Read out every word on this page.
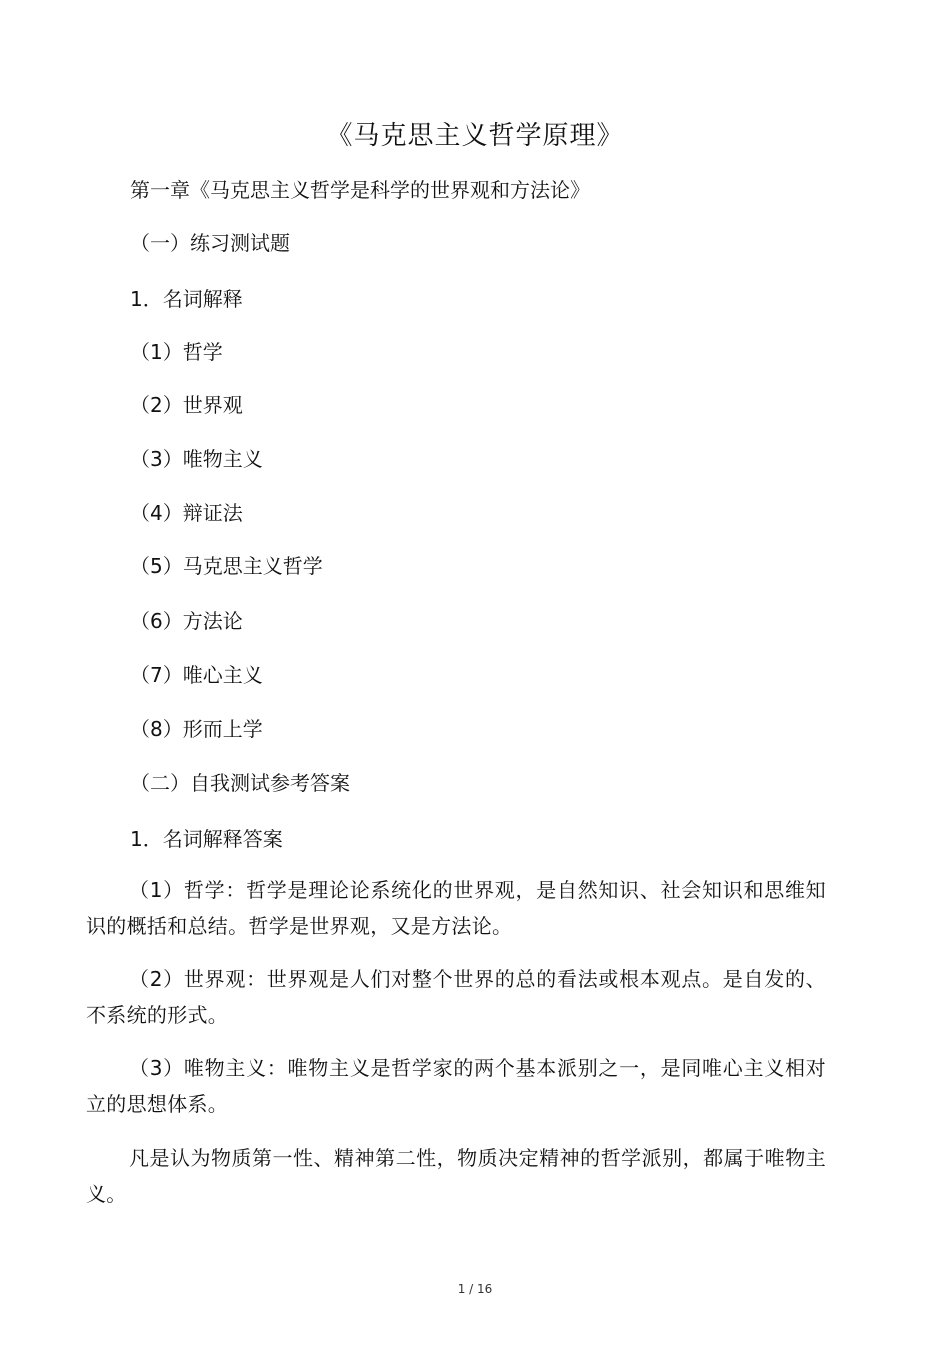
《马克思主义哲学原理》
第一章《马克思主义哲学是科学的世界观和方法论》
（一）练习测试题
1．名词解释
（1）哲学
（2）世界观
（3）唯物主义
（4）辩证法
（5）马克思主义哲学
（6）方法论
（7）唯心主义
（8）形而上学
（二）自我测试参考答案
1．名词解释答案
（1）哲学：哲学是理论论系统化的世界观，是自然知识、社会知识和思维知识的概括和总结。哲学是世界观，又是方法论。
（2）世界观：世界观是人们对整个世界的总的看法或根本观点。是自发的、不系统的形式。
（3）唯物主义：唯物主义是哲学家的两个基本派别之一，是同唯心主义相对立的思想体系。
凡是认为物质第一性、精神第二性，物质决定精神的哲学派别，都属于唯物主义。
1 / 16
